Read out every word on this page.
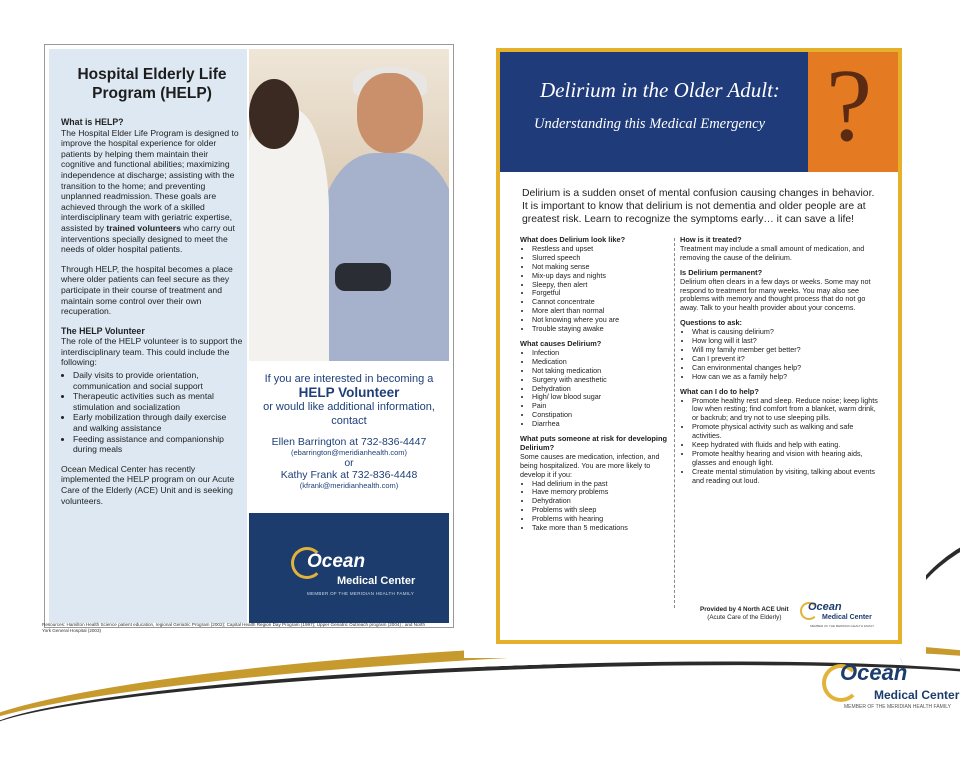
Hospital Elderly Life Program (HELP)
What is HELP?

The Hospital Elder Life Program is designed to improve the hospital experience for older patients by helping them maintain their cognitive and functional abilities; maximizing independence at discharge; assisting with the transition to the home; and preventing unplanned readmission. These goals are achieved through the work of a skilled interdisciplinary team with geriatric expertise, assisted by trained volunteers who carry out interventions specially designed to meet the needs of older hospital patients.

Through HELP, the hospital becomes a place where older patients can feel secure as they participate in their course of treatment and maintain some control over their own recuperation.

The HELP Volunteer

The role of the HELP volunteer is to support the interdisciplinary team. This could include the following:

• Daily visits to provide orientation, communication and social support
• Therapeutic activities such as mental stimulation and socialization
• Early mobilization through daily exercise and walking assistance
• Feeding assistance and companionship during meals

Ocean Medical Center has recently implemented the HELP program on our Acute Care of the Elderly (ACE) Unit and is seeking volunteers.

If you are interested in becoming a
HELP Volunteer
or would like additional information, contact
Ellen Barrington at 732-836-4447
(ebarrington@meridianhealth.com)
or
Kathy Frank at 732-836-4448
(kfrank@meridianhealth.com)
Ocean
Medical Center
MEMBER OF THE MERIDIAN HEALTH FAMILY
Delirium in the Older Adult:
Understanding this Medical Emergency ?
Delirium is a sudden onset of mental confusion causing changes in behavior. It is important to know that delirium is not dementia and older people are at greatest risk. Learn to recognize the symptoms early… it can save a life!
What does Delirium look like?
• Restless and upset
• Slurred speech
• Not making sense
• Mix-up days and nights
• Sleepy, then alert
• Forgetful
• Cannot concentrate
• More alert than normal
• Not knowing where you are
• Trouble staying awake
What causes Delirium?
• Infection
• Medication
• Not taking medication
• Surgery with anesthetic
• Dehydration
• High/ low blood sugar
• Pain
• Constipation
• Diarrhea
What puts someone at risk for developing Delirium?

Some causes are medication, infection, and being hospitalized. You are more likely to develop it if you:

• Had delirium in the past
• Have memory problems
• Dehydration
• Problems with sleep
• Problems with hearing
• Take more than 5 medications
How is it treated?

Treatment may include a small amount of medication, and removing the cause of the delirium.

Is Delirium permanent?

Delirium often clears in a few days or weeks. Some may not respond to treatment for many weeks. You may also see problems with memory and thought process that do not go away. Talk to your health provider about your concerns.

Questions to ask:
• What is causing delirium?
• How long will it last?
• Will my family member get better?
• Can I prevent it?
• Can environmental changes help?
• How can we as a family help?
What can I do to help?
• Promote healthy rest and sleep. Reduce noise; keep lights low when resting; find comfort from a blanket, warm drink, or backrub; and try not to use sleeping pills.
• Promote physical activity such as walking and safe activities.
• Keep hydrated with fluids and help with eating.
• Promote healthy hearing and vision with hearing aids, glasses and enough light.
• Create mental stimulation by visiting, talking about events and reading out loud.
Provided by 4 North ACE Unit
(Acute Care of the Elderly)
Ocean
Medical Center
MEMBER OF THE MERIDIAN HEALTH FAMILY
Resources: Hamilton Health Science patient education, regional Geriatric Program (2002); Capital Health Region Day Program (1997); Upper Geriatric Outreach program (2004) ; and North York General Hospital (2003)
Ocean
Medical Center
MEMBER OF THE MERIDIAN HEALTH FAMILY
